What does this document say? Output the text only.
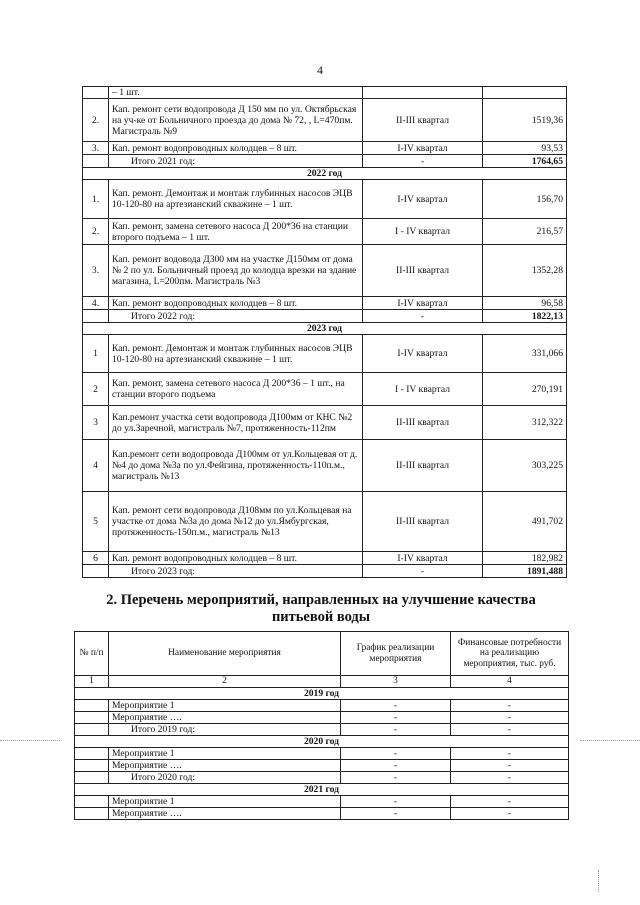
4
	– 1 шт.		
2.	Кап. ремонт сети водопровода Д 150 мм по ул. Октябрьская на уч-ке от Больничного проезда до дома № 72, , L=470пм. Магистраль №9	II-III квартал	1519,36
3.	Кап. ремонт водопроводных колодцев – 8 шт.	I-IV квартал	93,53
	Итого 2021 год:	-	1764,65
2022 год			
1.	Кап. ремонт. Демонтаж и монтаж глубинных насосов ЭЦВ 10-120-80 на артезианский скважине – 1 шт.	I-IV квартал	156,70
2.	Кап. ремонт, замена сетевого насоса Д 200*36 на станции второго подъема – 1 шт.	I - IV квартал	216,57
3.	Кап. ремонт водовода Д300 мм на участке Д150мм от дома № 2 по ул. Больничный проезд до колодца врезки на здание магазина, L=200пм. Магистраль №3	II-III квартал	1352,28
4.	Кап. ремонт водопроводных колодцев – 8 шт.	I-IV квартал	96,58
	Итого 2022 год:	-	1822,13
2023 год			
1	Кап. ремонт. Демонтаж и монтаж глубинных насосов ЭЦВ 10-120-80 на артезианский скважине – 1 шт.	I-IV квартал	331,066
2	Кап. ремонт, замена сетевого насоса Д 200*36 – 1 шт., на станции второго подъема	I - IV квартал	270,191
3	Кап.ремонт участка сети водопровода Д100мм от КНС №2 до ул.Заречной, магистраль №7, протяженность-112пм	II-III квартал	312,322
4	Кап.ремонт сети водопровода Д100мм от ул.Кольцевая от д.№4 до дома №3а по ул.Фейгина, протяженность-110п.м., магистраль №13	II-III квартал	303,225
5	Кап. ремонт сети водопровода Д108мм по ул.Кольцевая на участке от дома №3а до дома №12 до ул.Ямбургская, протяженность-150п.м., магистраль №13	II-III квартал	491,702
6	Кап. ремонт водопроводных колодцев – 8 шт.	I-IV квартал	182,982
	Итого 2023 год:	-	1891,488
2. Перечень мероприятий, направленных на улучшение качества питьевой воды
№ п/п	Наименование мероприятия	График реализации мероприятия	Финансовые потребности на реализацию мероприятия, тыс. руб.
1	2	3	4
2019 год			
	Мероприятие 1	-	-
	Мероприятие ….	-	-
	Итого 2019 год:	-	-
2020 год			
	Мероприятие 1	-	-
	Мероприятие ….	-	-
	Итого 2020 год:	-	-
2021 год			
	Мероприятие 1	-	-
	Мероприятие ….	-	-
